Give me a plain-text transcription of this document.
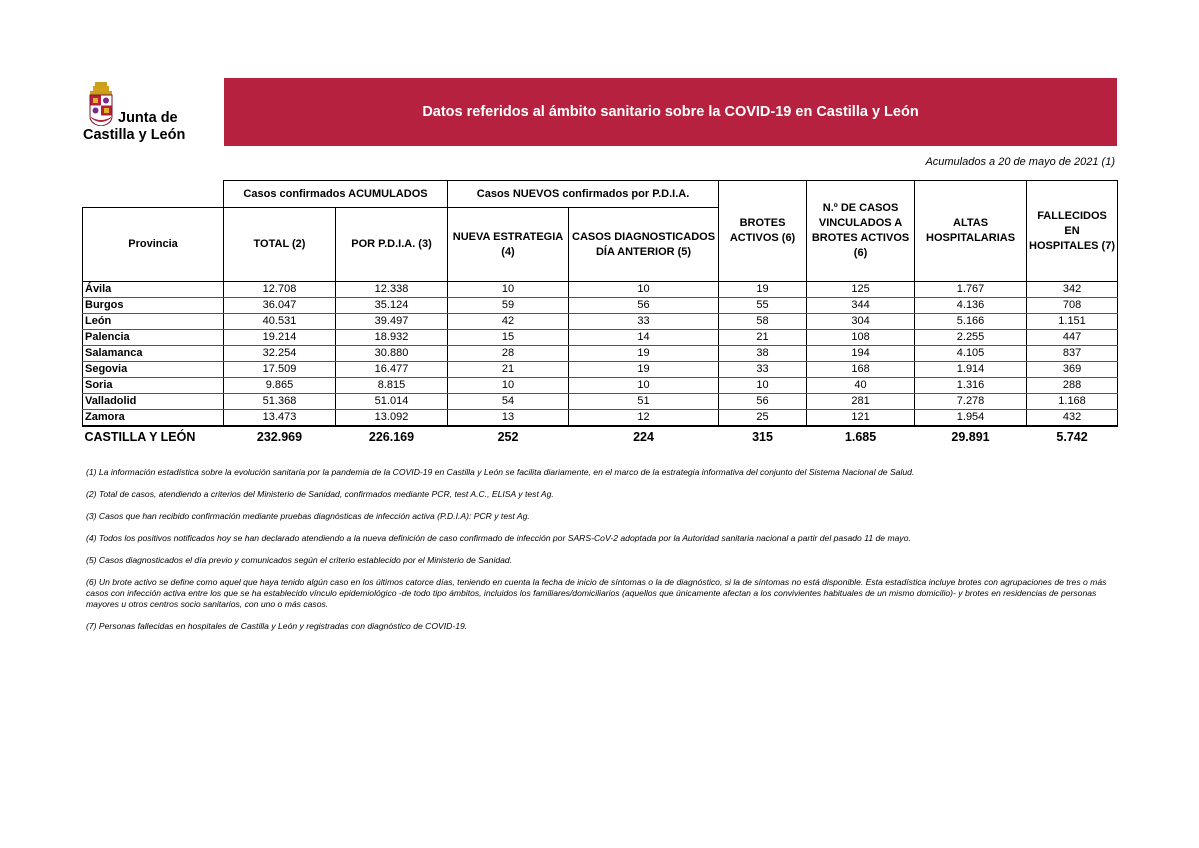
Junta de
Castilla y León
Datos referidos al ámbito sanitario sobre la COVID-19 en Castilla y León
Acumulados a 20 de mayo de 2021 (1)
	Casos confirmados ACUMULADOS		Casos NUEVOS confirmados por P.D.I.A.		BROTES ACTIVOS (6)	N.º DE CASOS VINCULADOS A BROTES ACTIVOS (6)	ALTAS HOSPITALARIAS	FALLECIDOS EN HOSPITALES (7)
Provincia	TOTAL (2)	POR P.D.I.A. (3)	NUEVA ESTRATEGIA (4)	CASOS DIAGNOSTICADOS DÍA ANTERIOR (5)				
Ávila	12.708	12.338	10	10	19	125	1.767	342
Burgos	36.047	35.124	59	56	55	344	4.136	708
León	40.531	39.497	42	33	58	304	5.166	1.151
Palencia	19.214	18.932	15	14	21	108	2.255	447
Salamanca	32.254	30.880	28	19	38	194	4.105	837
Segovia	17.509	16.477	21	19	33	168	1.914	369
Soria	9.865	8.815	10	10	10	40	1.316	288
Valladolid	51.368	51.014	54	51	56	281	7.278	1.168
Zamora	13.473	13.092	13	12	25	121	1.954	432
CASTILLA Y LEÓN	232.969	226.169	252	224	315	1.685	29.891	5.742

(1) La información estadística sobre la evolución sanitaria por la pandemia de la COVID-19 en Castilla y León se facilita diariamente, en el marco de la estrategia informativa del conjunto del Sistema Nacional de Salud.

(2) Total de casos, atendiendo a criterios del Ministerio de Sanidad, confirmados mediante PCR, test A.C., ELISA y test Ag.

(3) Casos que han recibido confirmación mediante pruebas diagnósticas de infección activa (P.D.I.A): PCR y test Ag.

(4) Todos los positivos notificados hoy se han declarado atendiendo a la nueva definición de caso confirmado de infección por SARS-CoV-2 adoptada por la Autoridad sanitaria nacional a partir del pasado 11 de mayo.

(5) Casos diagnosticados el día previo y comunicados según el criterio establecido por el Ministerio de Sanidad.

(6) Un brote activo se define como aquel que haya tenido algún caso en los últimos catorce días, teniendo en cuenta la fecha de inicio de síntomas o la de diagnóstico, si la de síntomas no está disponible. Esta estadística incluye brotes con agrupaciones de tres o más casos con infección activa entre los que se ha establecido vínculo epidemiológico -de todo tipo ámbitos, incluidos los familiares/domiciliarios (aquellos que únicamente afectan a los convivientes habituales de un mismo domicilio)- y brotes en residencias de personas mayores u otros centros socio sanitarios, con uno o más casos.

(7) Personas fallecidas en hospitales de Castilla y León y registradas con diagnóstico de COVID-19.
